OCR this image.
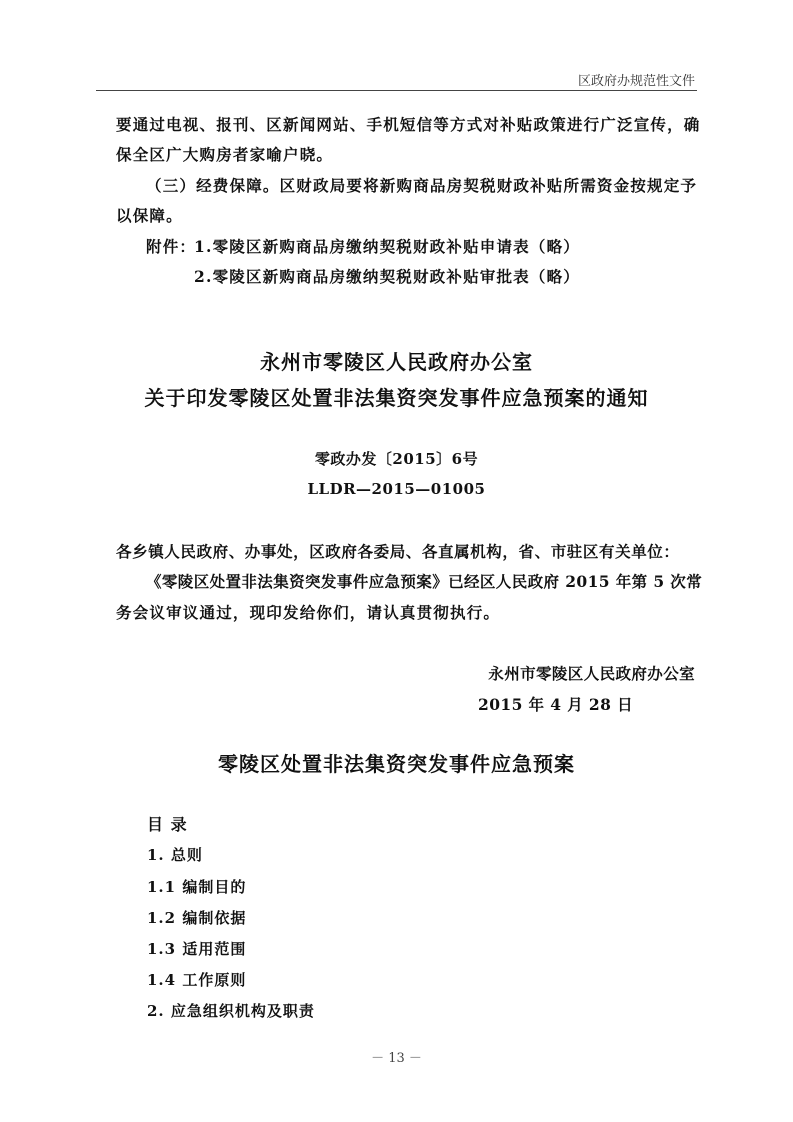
区政府办规范性文件
要通过电视、报刊、区新闻网站、手机短信等方式对补贴政策进行广泛宣传，确
保全区广大购房者家喻户晓。
（三）经费保障。区财政局要将新购商品房契税财政补贴所需资金按规定予
以保障。
附件：
1.零陵区新购商品房缴纳契税财政补贴申请表（略）
2.零陵区新购商品房缴纳契税财政补贴审批表（略）
永州市零陵区人民政府办公室
关于印发零陵区处置非法集资突发事件应急预案的通知
零政办发〔2015〕6号
LLDR—2015—01005
各乡镇人民政府、办事处，区政府各委局、各直属机构，省、市驻区有关单位：
《零陵区处置非法集资突发事件应急预案》已经区人民政府 2015 年第 5 次常
务会议审议通过，现印发给你们，请认真贯彻执行。
永州市零陵区人民政府办公室
2015 年 4 月 28 日
零陵区处置非法集资突发事件应急预案
目 录
1. 总则
1.1 编制目的
1.2 编制依据
1.3 适用范围
1.4 工作原则
2. 应急组织机构及职责
－ 13 －
